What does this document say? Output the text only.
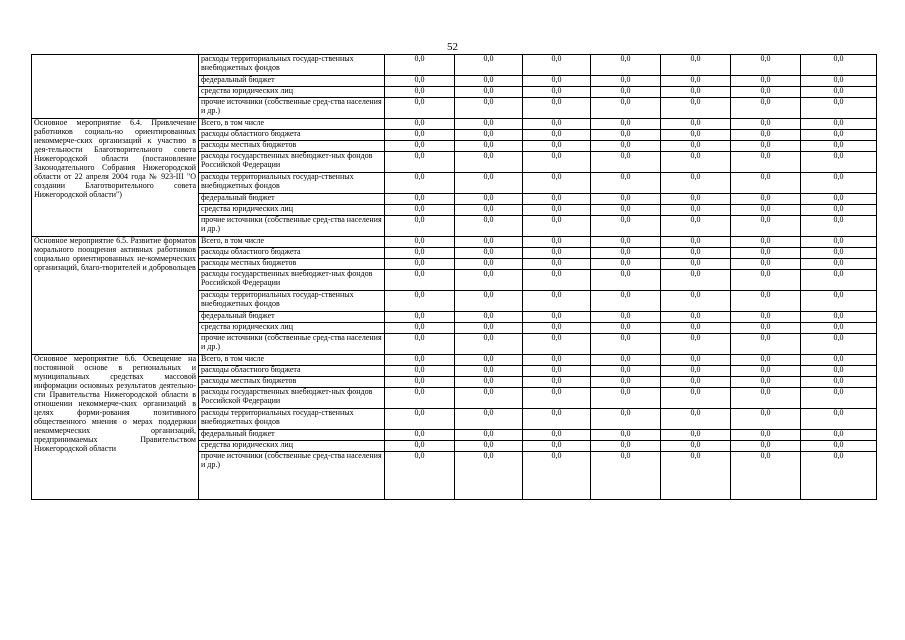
52
	расходы территориальных государ-ственных внебюджетных фондов	0,0	0,0	0,0	0,0	0,0	0,0	0,0
	федеральный бюджет	0,0	0,0	0,0	0,0	0,0	0,0	0,0
	средства юридических лиц	0,0	0,0	0,0	0,0	0,0	0,0	0,0
	прочие источники (собственные сред-ства населения и др.)	0,0	0,0	0,0	0,0	0,0	0,0	0,0
Основное мероприятие 6.4. Привлечение работников социаль-но ориентированных некоммерче-ских организаций к участию в дея-тельности Благотворительного совета Нижегородской области (постановление Законодательного Собрания Нижегородской области от 22 апреля 2004 года № 923-III "О создании Благотворительного совета Нижегородской области")	Всего, в том числе	0,0	0,0	0,0	0,0	0,0	0,0	0,0
	расходы областного бюджета	0,0	0,0	0,0	0,0	0,0	0,0	0,0
	расходы местных бюджетов	0,0	0,0	0,0	0,0	0,0	0,0	0,0
	расходы государственных внебюджет-ных фондов Российской Федерации	0,0	0,0	0,0	0,0	0,0	0,0	0,0
	расходы территориальных государ-ственных внебюджетных фондов	0,0	0,0	0,0	0,0	0,0	0,0	0,0
	федеральный бюджет	0,0	0,0	0,0	0,0	0,0	0,0	0,0
	средства юридических лиц	0,0	0,0	0,0	0,0	0,0	0,0	0,0
	прочие источники (собственные сред-ства населения и др.)	0,0	0,0	0,0	0,0	0,0	0,0	0,0
Основное мероприятие 6.5. Развитие форматов морального поощрения активных работников социально ориентированных не-коммерческих организаций, благо-творителей и добровольцев	Всего, в том числе	0,0	0,0	0,0	0,0	0,0	0,0	0,0
	расходы областного бюджета	0,0	0,0	0,0	0,0	0,0	0,0	0,0
	расходы местных бюджетов	0,0	0,0	0,0	0,0	0,0	0,0	0,0
	расходы государственных внебюджет-ных фондов Российской Федерации	0,0	0,0	0,0	0,0	0,0	0,0	0,0
	расходы территориальных государ-ственных внебюджетных фондов	0,0	0,0	0,0	0,0	0,0	0,0	0,0
	федеральный бюджет	0,0	0,0	0,0	0,0	0,0	0,0	0,0
	средства юридических лиц	0,0	0,0	0,0	0,0	0,0	0,0	0,0
	прочие источники (собственные сред-ства населения и др.)	0,0	0,0	0,0	0,0	0,0	0,0	0,0
Основное мероприятие 6.6. Освещение на постоянной основе в региональных и муниципальных средствах массовой информации основных результатов деятельно-сти Правительства Нижегородской области в отношении некоммерче-ских организаций в целях форми-рования позитивного общественного мнения о мерах поддержки некоммерческих организаций, предпринимаемых Правительством Нижегородской области	Всего, в том числе	0,0	0,0	0,0	0,0	0,0	0,0	0,0
	расходы областного бюджета	0,0	0,0	0,0	0,0	0,0	0,0	0,0
	расходы местных бюджетов	0,0	0,0	0,0	0,0	0,0	0,0	0,0
	расходы государственных внебюджет-ных фондов Российской Федерации	0,0	0,0	0,0	0,0	0,0	0,0	0,0
	расходы территориальных государ-ственных внебюджетных фондов	0,0	0,0	0,0	0,0	0,0	0,0	0,0
	федеральный бюджет	0,0	0,0	0,0	0,0	0,0	0,0	0,0
	средства юридических лиц	0,0	0,0	0,0	0,0	0,0	0,0	0,0
	прочие источники (собственные сред-ства населения и др.)	0,0	0,0	0,0	0,0	0,0	0,0	0,0
